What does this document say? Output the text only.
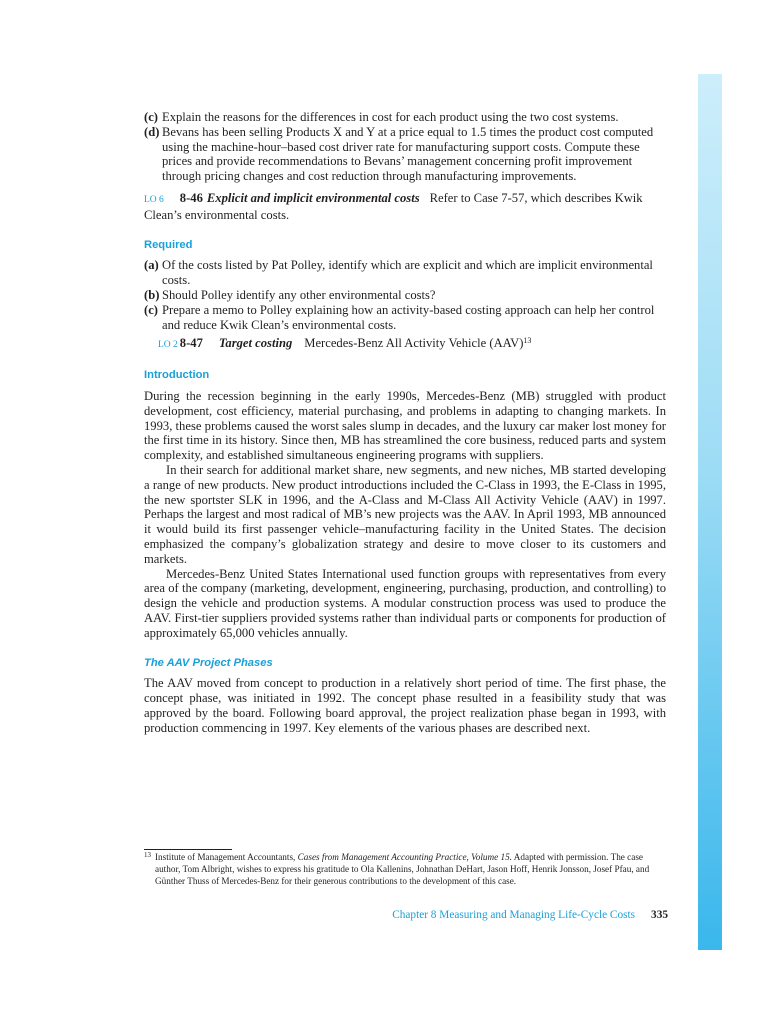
(c) Explain the reasons for the differences in cost for each product using the two cost systems.

(d) Bevans has been selling Products X and Y at a price equal to 1.5 times the product cost computed using the machine-hour–based cost driver rate for manufacturing support costs. Compute these prices and provide recommendations to Bevans’ management concerning profit improvement through pricing changes and cost reduction through manufacturing improvements.

LO 6 8-46 Explicit and implicit environmental costs Refer to Case 7-57, which describes Kwik Clean’s environmental costs.
Required
(a) Of the costs listed by Pat Polley, identify which are explicit and which are implicit environmental costs.

(b) Should Polley identify any other environmental costs?

(c) Prepare a memo to Polley explaining how an activity-based costing approach can help her control and reduce Kwik Clean’s environmental costs.

LO 2 8-47 Target costing Mercedes-Benz All Activity Vehicle (AAV)$^{13}$
Introduction

During the recession beginning in the early 1990s, Mercedes-Benz (MB) struggled with product development, cost efficiency, material purchasing, and problems in adapting to changing markets. In 1993, these problems caused the worst sales slump in decades, and the luxury car maker lost money for the first time in its history. Since then, MB has streamlined the core business, reduced parts and system complexity, and established simultaneous engineering programs with suppliers.

In their search for additional market share, new segments, and new niches, MB started developing a range of new products. New product introductions included the C-Class in 1993, the E-Class in 1995, the new sportster SLK in 1996, and the A-Class and M-Class All Activity Vehicle (AAV) in 1997. Perhaps the largest and most radical of MB’s new projects was the AAV. In April 1993, MB announced it would build its first passenger vehicle–manufacturing facility in the United States. The decision emphasized the company’s globalization strategy and desire to move closer to its customers and markets.

Mercedes-Benz United States International used function groups with representatives from every area of the company (marketing, development, engineering, purchasing, production, and controlling) to design the vehicle and production systems. A modular construction process was used to produce the AAV. First-tier suppliers provided systems rather than individual parts or components for production of approximately 65,000 vehicles annually.

The AAV Project Phases

The AAV moved from concept to production in a relatively short period of time. The first phase, the concept phase, was initiated in 1992. The concept phase resulted in a feasibility study that was approved by the board. Following board approval, the project realization phase began in 1993, with production commencing in 1997. Key elements of the various phases are described next.

13 Institute of Management Accountants, Cases from Management Accounting Practice, Volume 15. Adapted with permission. The case author, Tom Albright, wishes to express his gratitude to Ola Kallenins, Johnathan DeHart, Jason Hoff, Henrik Jonsson, Josef Pfau, and Günther Thuss of Mercedes-Benz for their generous contributions to the development of this case.
Chapter 8 Measuring and Managing Life-Cycle Costs 335
